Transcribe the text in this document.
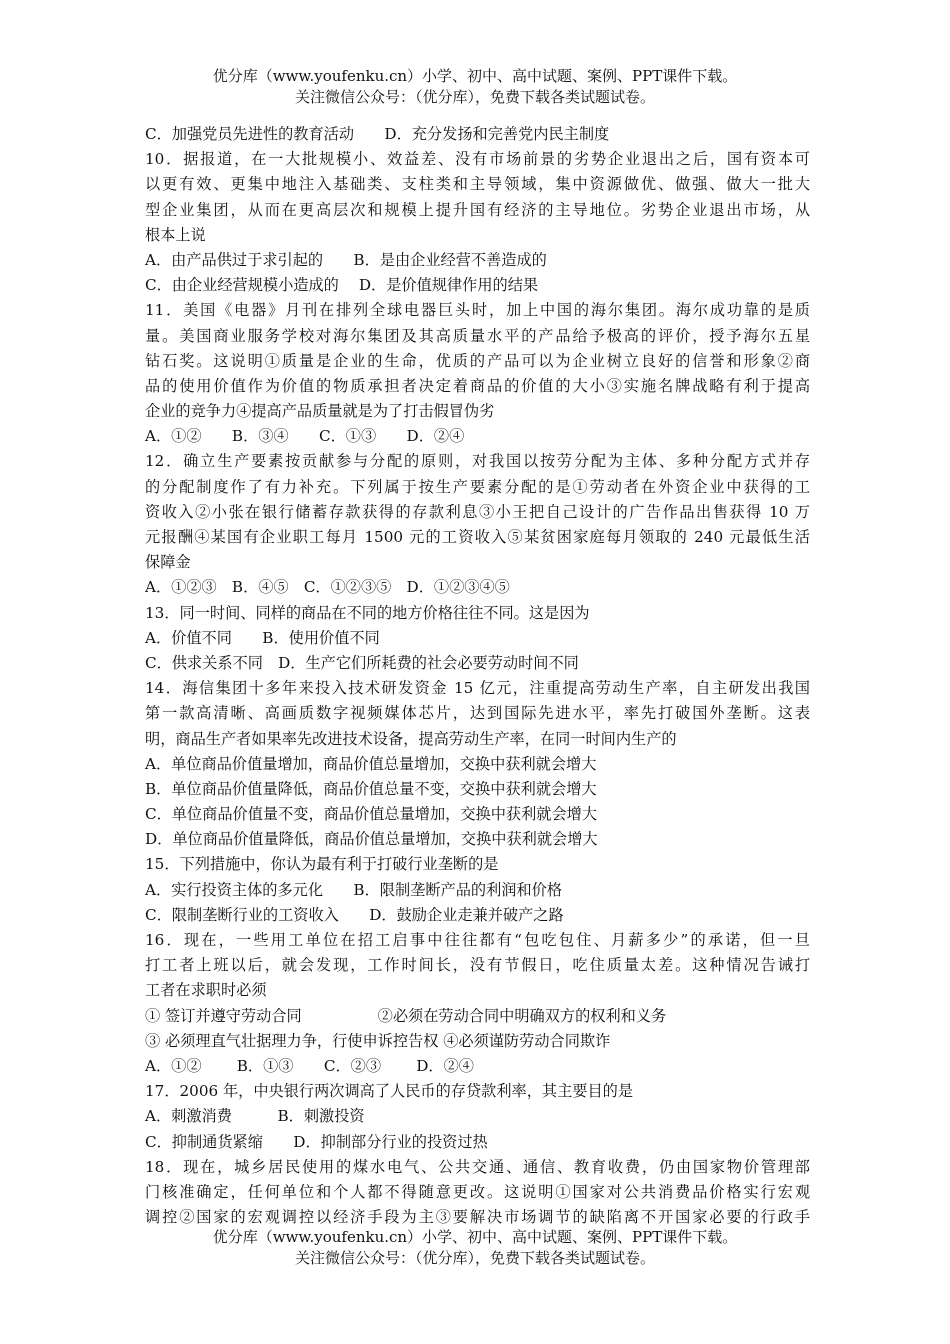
优分库（www.youfenku.cn）小学、初中、高中试题、案例、PPT课件下载。
关注微信公众号：（优分库），免费下载各类试题试卷。
C．加强党员先进性的教育活动　　D．充分发扬和完善党内民主制度
10．据报道，在一大批规模小、效益差、没有市场前景的劣势企业退出之后，国有资本可
以更有效、更集中地注入基础类、支柱类和主导领域，集中资源做优、做强、做大一批大
型企业集团，从而在更高层次和规模上提升国有经济的主导地位。劣势企业退出市场，从
根本上说
A．由产品供过于求引起的　　B．是由企业经营不善造成的
C．由企业经营规模小造成的　 D．是价值规律作用的结果
11．美国《电器》月刊在排列全球电器巨头时，加上中国的海尔集团。海尔成功靠的是质
量。美国商业服务学校对海尔集团及其高质量水平的产品给予极高的评价，授予海尔五星
钻石奖。这说明①质量是企业的生命，优质的产品可以为企业树立良好的信誉和形象②商
品的使用价值作为价值的物质承担者决定着商品的价值的大小③实施名牌战略有利于提高
企业的竞争力④提高产品质量就是为了打击假冒伪劣
A．①②　　B．③④　　C．①③　　D．②④
12．确立生产要素按贡献参与分配的原则，对我国以按劳分配为主体、多种分配方式并存
的分配制度作了有力补充。下列属于按生产要素分配的是①劳动者在外资企业中获得的工
资收入②小张在银行储蓄存款获得的存款利息③小王把自己设计的广告作品出售获得 10 万
元报酬④某国有企业职工每月 1500 元的工资收入⑤某贫困家庭每月领取的 240 元最低生活
保障金
A．①②③　B．④⑤　C．①②③⑤　D．①②③④⑤
13．同一时间、同样的商品在不同的地方价格往往不同。这是因为
A．价值不同　　B．使用价值不同
C．供求关系不同　D．生产它们所耗费的社会必要劳动时间不同
14．海信集团十多年来投入技术研发资金 15 亿元，注重提高劳动生产率，自主研发出我国
第一款高清晰、高画质数字视频媒体芯片，达到国际先进水平，率先打破国外垄断。这表
明，商品生产者如果率先改进技术设备，提高劳动生产率，在同一时间内生产的
A．单位商品价值量增加，商品价值总量增加，交换中获利就会增大
B．单位商品价值量降低，商品价值总量不变，交换中获利就会增大
C．单位商品价值量不变，商品价值总量增加，交换中获利就会增大
D．单位商品价值量降低，商品价值总量增加，交换中获利就会增大
15．下列措施中，你认为最有利于打破行业垄断的是
A．实行投资主体的多元化　　B．限制垄断产品的利润和价格
C．限制垄断行业的工资收入　　D．鼓励企业走兼并破产之路
16．现在，一些用工单位在招工启事中往往都有“包吃包住、月薪多少”的承诺，但一旦
打工者上班以后，就会发现，工作时间长，没有节假日，吃住质量太差。这种情况告诫打
工者在求职时必须
① 签订并遵守劳动合同　　　　　②必须在劳动合同中明确双方的权利和义务
③ 必须理直气壮据理力争，行使申诉控告权 ④必须谨防劳动合同欺诈
A．①②　　 B．①③　　C．②③　　 D．②④
17．2006 年，中央银行两次调高了人民币的存贷款利率，其主要目的是
A．刺激消费　　　B．刺激投资
C．抑制通货紧缩　　D．抑制部分行业的投资过热
18．现在，城乡居民使用的煤水电气、公共交通、通信、教育收费，仍由国家物价管理部
门核准确定，任何单位和个人都不得随意更改。这说明①国家对公共消费品价格实行宏观
调控②国家的宏观调控以经济手段为主③要解决市场调节的缺陷离不开国家必要的行政手
优分库（www.youfenku.cn）小学、初中、高中试题、案例、PPT课件下载。
关注微信公众号：（优分库），免费下载各类试题试卷。
